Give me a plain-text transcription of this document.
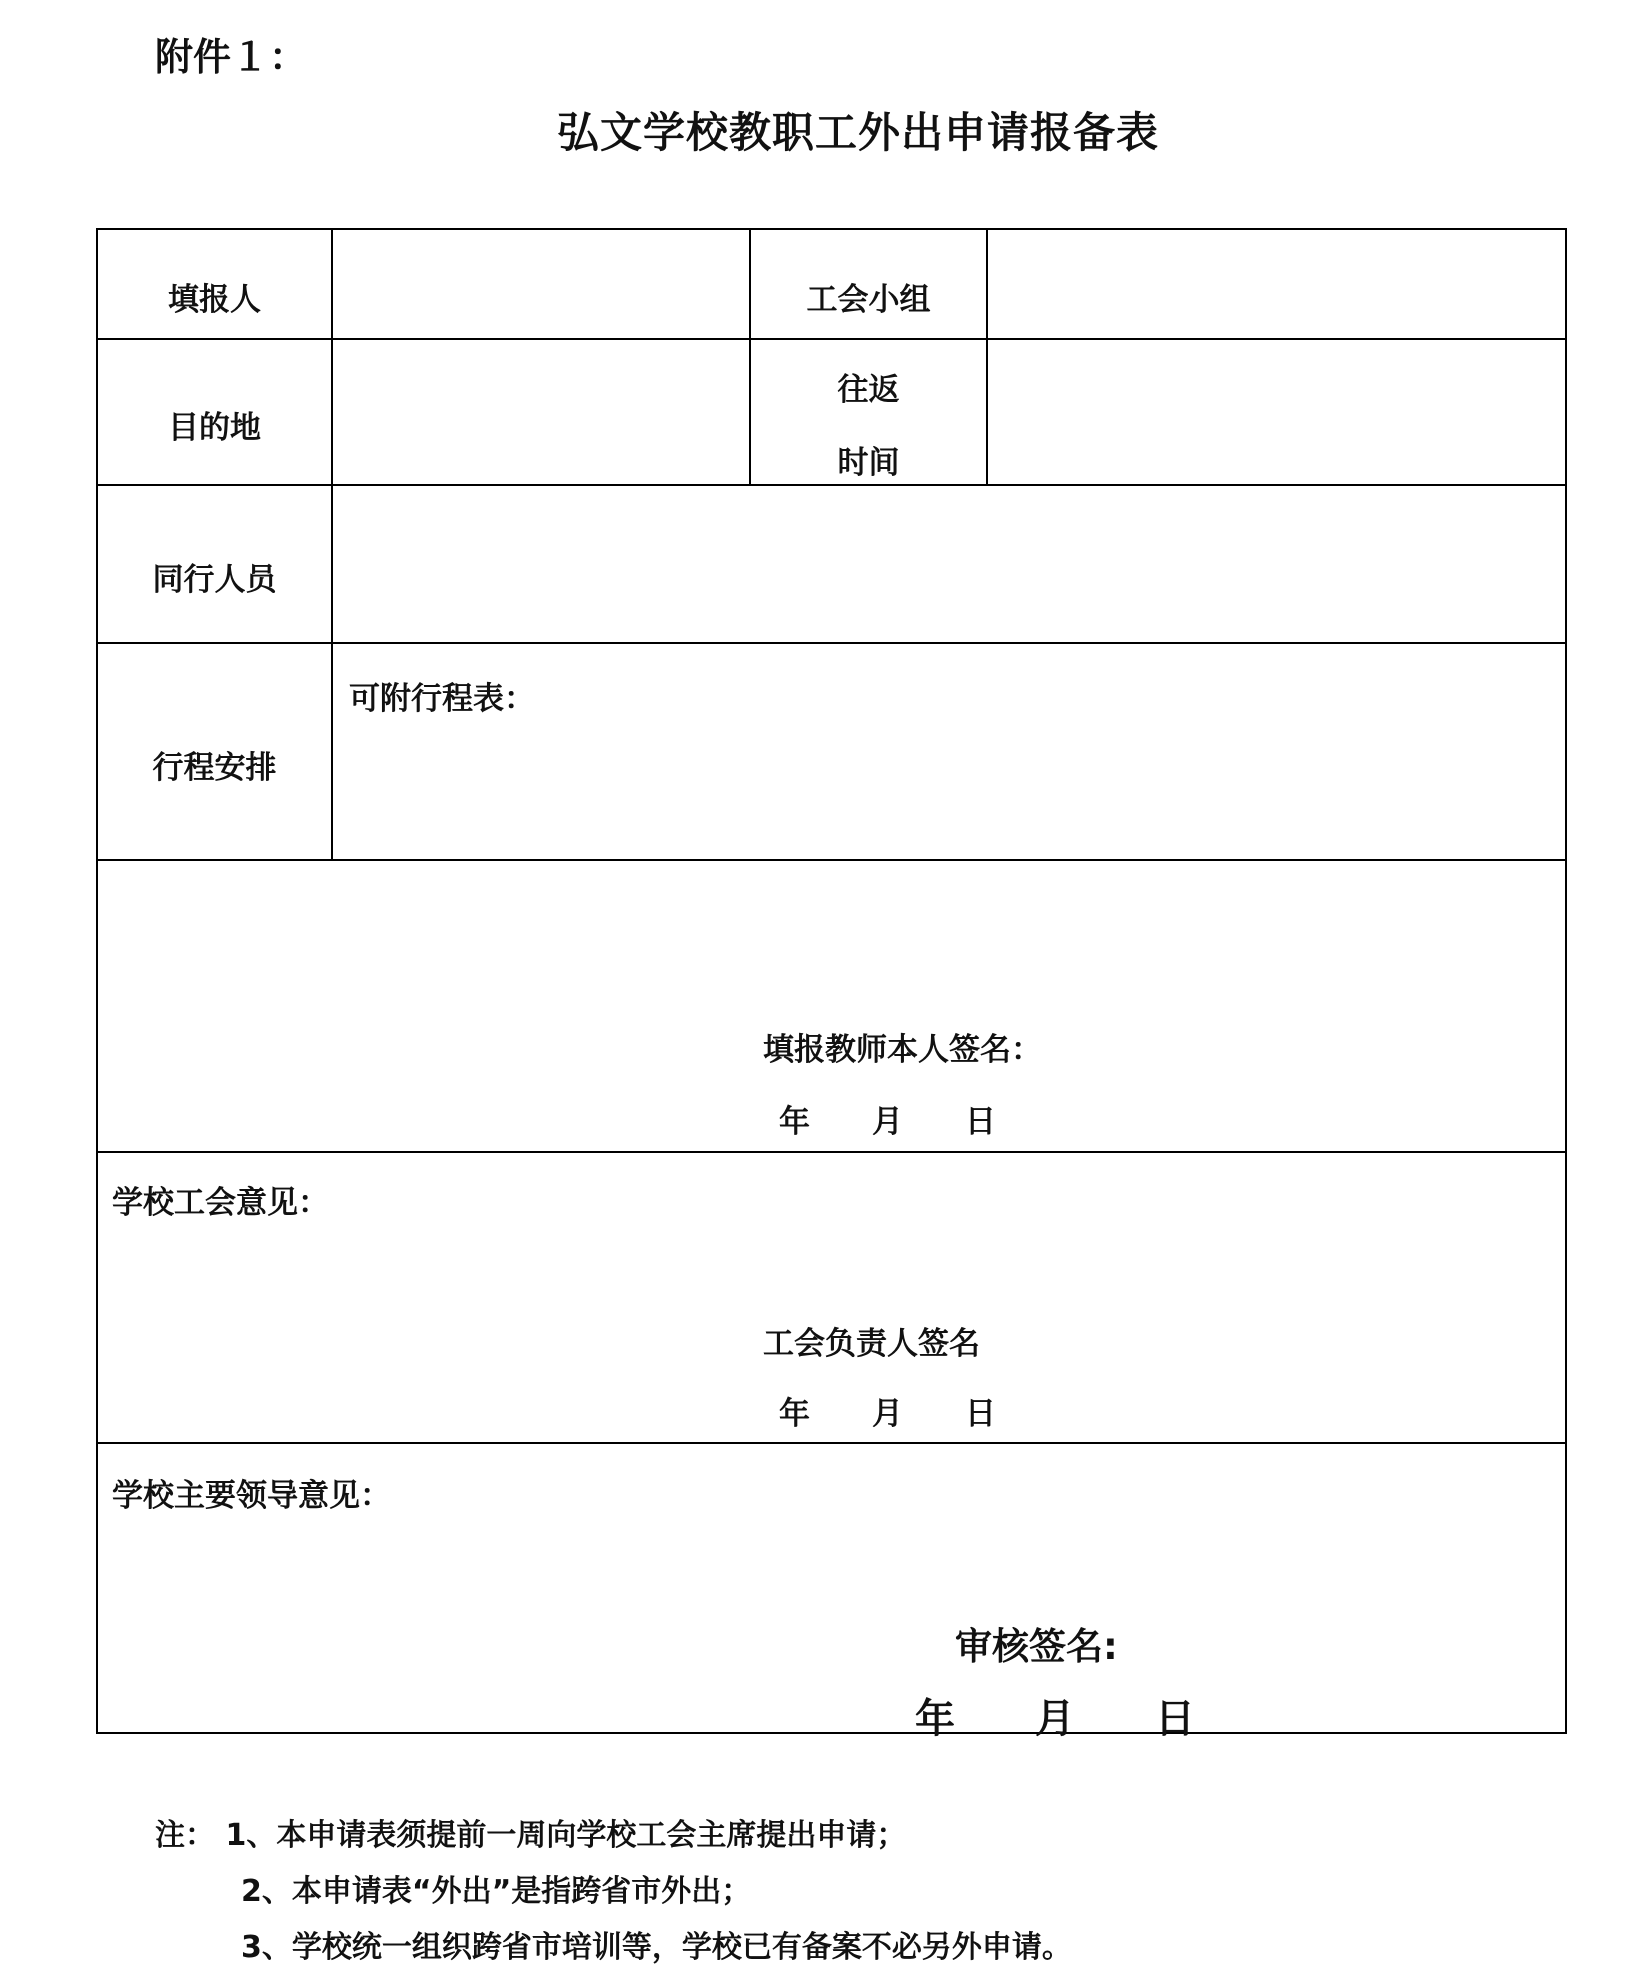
附件１：
弘文学校教职工外出申请报备表
填报人	工会小组
目的地
往返
时间
同行人员
行程安排
可附行程表：
填报教师本人签名：
年　　月　　日
学校工会意见：
工会负责人签名
年　　月　　日
学校主要领导意见：
审核签名:
年　　月　　日
注： 1、本申请表须提前一周向学校工会主席提出申请；
2、本申请表“外出”是指跨省市外出；
3、学校统一组织跨省市培训等，学校已有备案不必另外申请。
